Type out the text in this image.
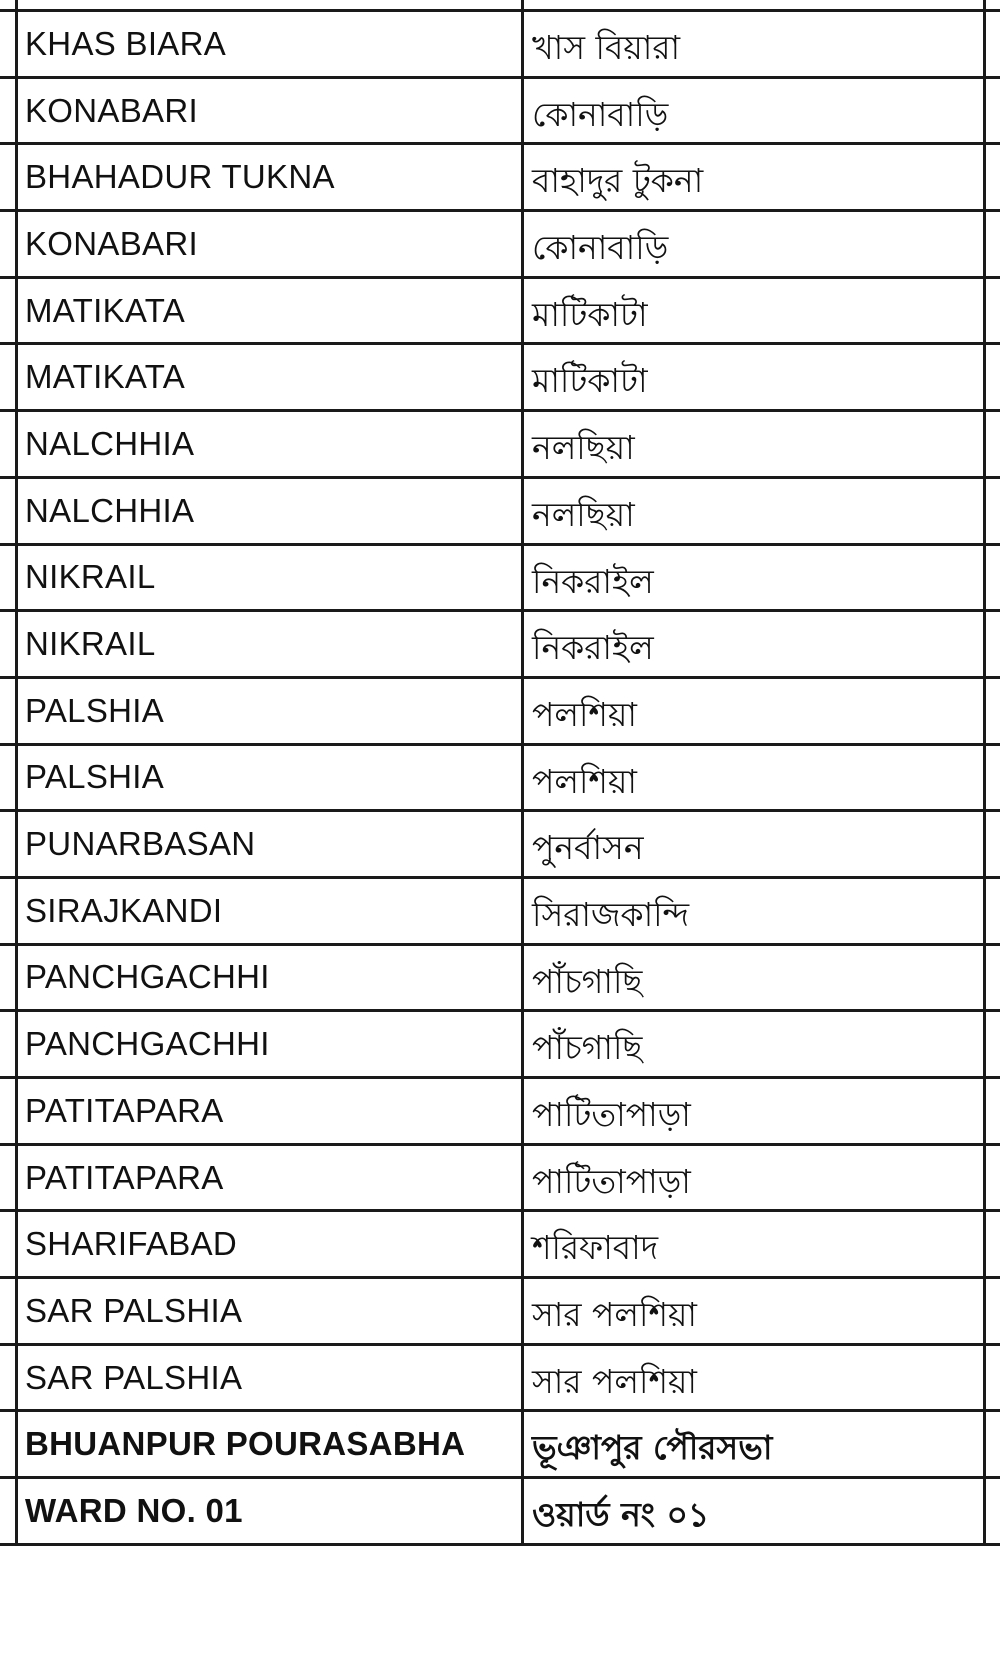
KHAS BIARA	খাস বিয়ারা
KONABARI	কোনাবাড়ি
BHAHADUR TUKNA	বাহাদুর টুকনা
KONABARI	কোনাবাড়ি
MATIKATA	মাটিকাটা
MATIKATA	মাটিকাটা
NALCHHIA	নলছিয়া
NALCHHIA	নলছিয়া
NIKRAIL	নিকরাইল
NIKRAIL	নিকরাইল
PALSHIA	পলশিয়া
PALSHIA	পলশিয়া
PUNARBASAN	পুনর্বাসন
SIRAJKANDI	সিরাজকান্দি
PANCHGACHHI	পাঁচগাছি
PANCHGACHHI	পাঁচগাছি
PATITAPARA	পাটিতাপাড়া
PATITAPARA	পাটিতাপাড়া
SHARIFABAD	শরিফাবাদ
SAR PALSHIA	সার পলশিয়া
SAR PALSHIA	সার পলশিয়া
BHUANPUR POURASABHA	ভূঞাপুর পৌরসভা
WARD NO. 01	ওয়ার্ড নং ০১
